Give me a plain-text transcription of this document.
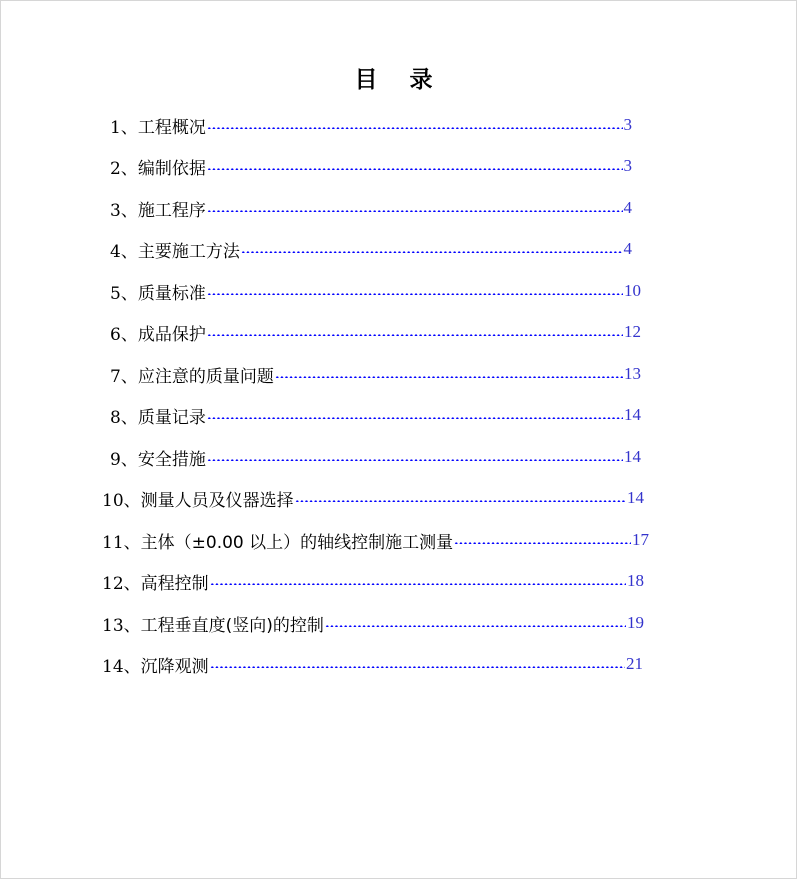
目 录
1、 工程概况	3
2、 编制依据	3
3、 施工程序	4
4、 主要施工方法	4
5、 质量标准	10
6、 成品保护	12
7、 应注意的质量问题	13
8、 质量记录	14
9、 安全措施	14
10、 测量人员及仪器选择	14
11、 主体（±0.00 以上）的轴线控制施工测量	17
12、 高程控制	18
13、 工程垂直度(竖向)的控制	19
14、 沉降观测	21
